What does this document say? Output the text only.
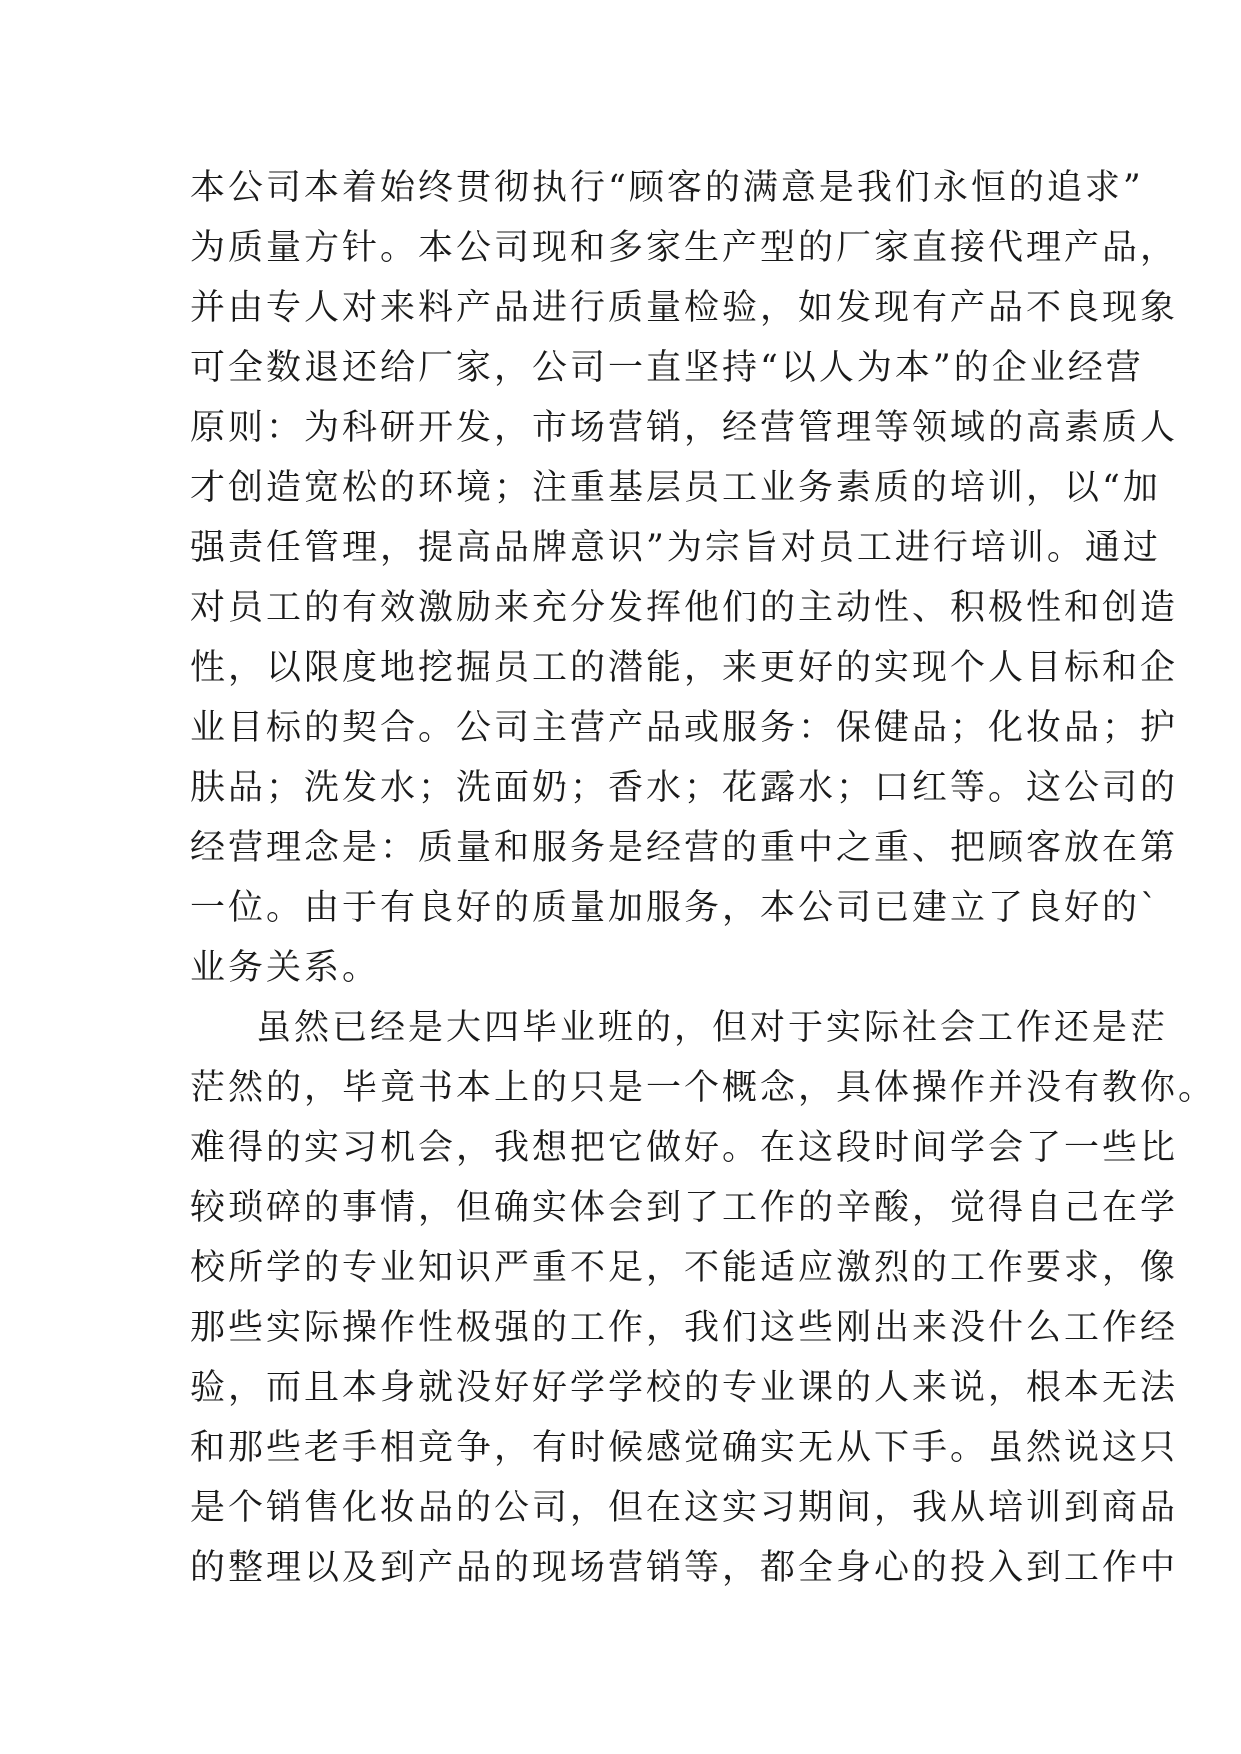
本公司本着始终贯彻执行“顾客的满意是我们永恒的追求”
为质量方针。本公司现和多家生产型的厂家直接代理产品，
并由专人对来料产品进行质量检验，如发现有产品不良现象
可全数退还给厂家，公司一直坚持“以人为本”的企业经营
原则：为科研开发，市场营销，经营管理等领域的高素质人
才创造宽松的环境；注重基层员工业务素质的培训，以“加
强责任管理，提高品牌意识”为宗旨对员工进行培训。通过
对员工的有效激励来充分发挥他们的主动性、积极性和创造
性，以限度地挖掘员工的潜能，来更好的实现个人目标和企
业目标的契合。公司主营产品或服务：保健品；化妆品；护
肤品；洗发水；洗面奶；香水；花露水；口红等。这公司的
经营理念是：质量和服务是经营的重中之重、把顾客放在第
一位。由于有良好的质量加服务，本公司已建立了良好的`
业务关系。
虽然已经是大四毕业班的，但对于实际社会工作还是茫
茫然的，毕竟书本上的只是一个概念，具体操作并没有教你。
难得的实习机会，我想把它做好。在这段时间学会了一些比
较琐碎的事情，但确实体会到了工作的辛酸，觉得自己在学
校所学的专业知识严重不足，不能适应激烈的工作要求，像
那些实际操作性极强的工作，我们这些刚出来没什么工作经
验，而且本身就没好好学学校的专业课的人来说，根本无法
和那些老手相竞争，有时候感觉确实无从下手。虽然说这只
是个销售化妆品的公司，但在这实习期间，我从培训到商品
的整理以及到产品的现场营销等，都全身心的投入到工作中
